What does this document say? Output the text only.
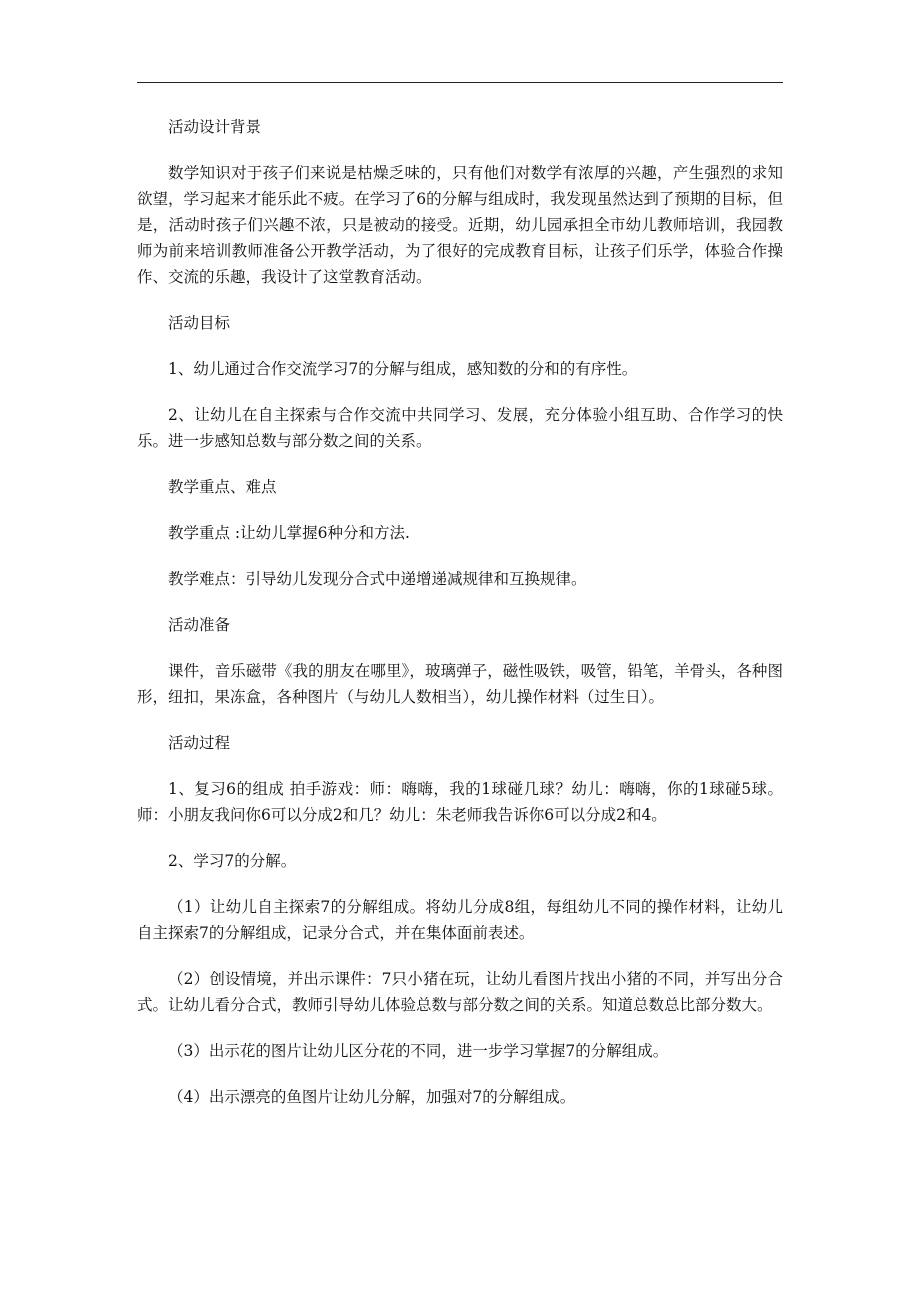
活动设计背景

数学知识对于孩子们来说是枯燥乏味的，只有他们对数学有浓厚的兴趣，产生强烈的求知欲望，学习起来才能乐此不疲。在学习了6的分解与组成时，我发现虽然达到了预期的目标，但是，活动时孩子们兴趣不浓，只是被动的接受。近期，幼儿园承担全市幼儿教师培训，我园教师为前来培训教师准备公开教学活动，为了很好的完成教育目标，让孩子们乐学，体验合作操作、交流的乐趣，我设计了这堂教育活动。

活动目标

1、幼儿通过合作交流学习7的分解与组成，感知数的分和的有序性。

2、让幼儿在自主探索与合作交流中共同学习、发展，充分体验小组互助、合作学习的快乐。进一步感知总数与部分数之间的关系。

教学重点、难点

教学重点 :让幼儿掌握6种分和方法.

教学难点：引导幼儿发现分合式中递增递减规律和互换规律。

活动准备

课件，音乐磁带《我的朋友在哪里》，玻璃弹子，磁性吸铁，吸管，铅笔，羊骨头，各种图形，纽扣，果冻盒，各种图片（与幼儿人数相当），幼儿操作材料（过生日）。

活动过程

1、复习6的组成 拍手游戏：师：嗨嗨，我的1球碰几球？幼儿：嗨嗨，你的1球碰5球。师：小朋友我问你6可以分成2和几？幼儿：朱老师我告诉你6可以分成2和4。

2、学习7的分解。

（1）让幼儿自主探索7的分解组成。将幼儿分成8组，每组幼儿不同的操作材料，让幼儿自主探索7的分解组成，记录分合式，并在集体面前表述。

（2）创设情境，并出示课件：7只小猪在玩，让幼儿看图片找出小猪的不同，并写出分合式。让幼儿看分合式，教师引导幼儿体验总数与部分数之间的关系。知道总数总比部分数大。

（3）出示花的图片让幼儿区分花的不同，进一步学习掌握7的分解组成。

（4）出示漂亮的鱼图片让幼儿分解，加强对7的分解组成。
